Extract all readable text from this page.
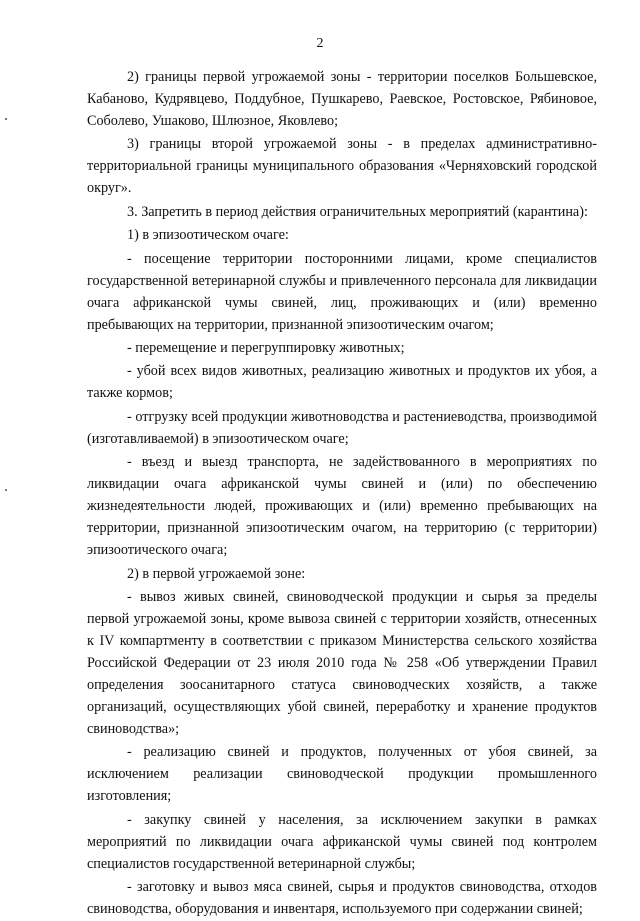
2

2) границы первой угрожаемой зоны - территории поселков Большевское, Кабаново, Кудрявцево, Поддубное, Пушкарево, Раевское, Ростовское, Рябиновое, Соболево, Ушаково, Шлюзное, Яковлево;

3) границы второй угрожаемой зоны - в пределах административно-территориальной границы муниципального образования «Черняховский городской округ».

3. Запретить в период действия ограничительных мероприятий (карантина):

1) в эпизоотическом очаге:

- посещение территории посторонними лицами, кроме специалистов государственной ветеринарной службы и привлеченного персонала для ликвидации очага африканской чумы свиней, лиц, проживающих и (или) временно пребывающих на территории, признанной эпизоотическим очагом;

- перемещение и перегруппировку животных;

- убой всех видов животных, реализацию животных и продуктов их убоя, а также кормов;

- отгрузку всей продукции животноводства и растениеводства, производимой (изготавливаемой) в эпизоотическом очаге;

- въезд и выезд транспорта, не задействованного в мероприятиях по ликвидации очага африканской чумы свиней и (или) по обеспечению жизнедеятельности людей, проживающих и (или) временно пребывающих на территории, признанной эпизоотическим очагом, на территорию (с территории) эпизоотического очага;

2) в первой угрожаемой зоне:

- вывоз живых свиней, свиноводческой продукции и сырья за пределы первой угрожаемой зоны, кроме вывоза свиней с территории хозяйств, отнесенных к IV компартменту в соответствии с приказом Министерства сельского хозяйства Российской Федерации от 23 июля 2010 года № 258 «Об утверждении Правил определения зоосанитарного статуса свиноводческих хозяйств, а также организаций, осуществляющих убой свиней, переработку и хранение продуктов свиноводства»;

- реализацию свиней и продуктов, полученных от убоя свиней, за исключением реализации свиноводческой продукции промышленного изготовления;

- закупку свиней у населения, за исключением закупки в рамках мероприятий по ликвидации очага африканской чумы свиней под контролем специалистов государственной ветеринарной службы;

- заготовку и вывоз мяса свиней, сырья и продуктов свиноводства, отходов свиноводства, оборудования и инвентаря, используемого при содержании свиней;
